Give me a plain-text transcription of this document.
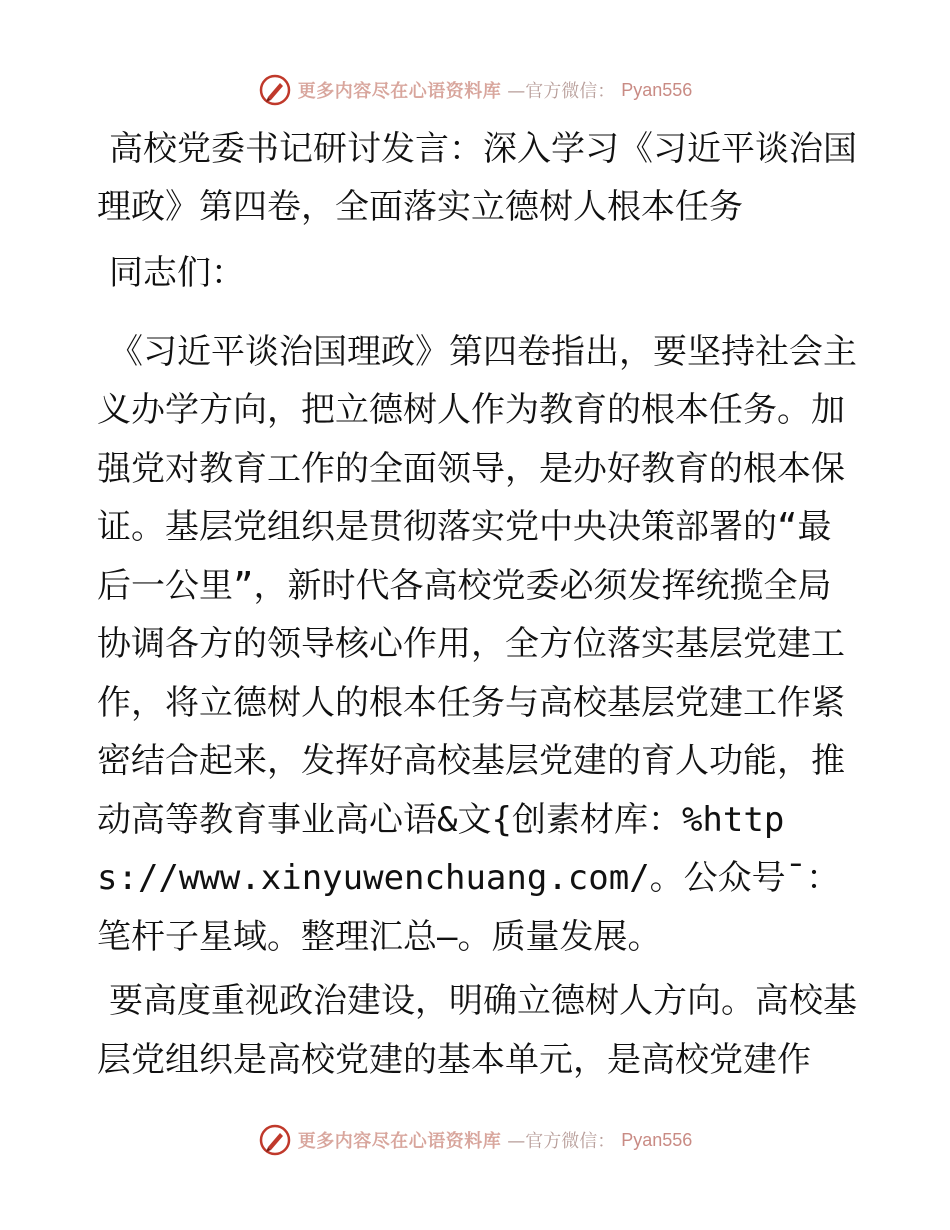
更多内容尽在心语资料库 —官方微信： Pyan556
高校党委书记研讨发言：深入学习《习近平谈治国理政》第四卷，全面落实立德树人根本任务

同志们：

《习近平谈治国理政》第四卷指出，要坚持社会主义办学方向，把立德树人作为教育的根本任务。加强党对教育工作的全面领导，是办好教育的根本保证。基层党组织是贯彻落实党中央决策部署的“最后一公里”，新时代各高校党委必须发挥统揽全局协调各方的领导核心作用，全方位落实基层党建工作，将立德树人的根本任务与高校基层党建工作紧密结合起来，发挥好高校基层党建的育人功能，推动高等教育事业高心语&文{创素材库：%https://www.xinyuwenchuang.com/。公众号¯：笔杆子星域。整理汇总—。质量发展。

要高度重视政治建设，明确立德树人方向。高校基层党组织是高校党建的基本单元，是高校党建作

更多内容尽在心语资料库 —官方微信： Pyan556
